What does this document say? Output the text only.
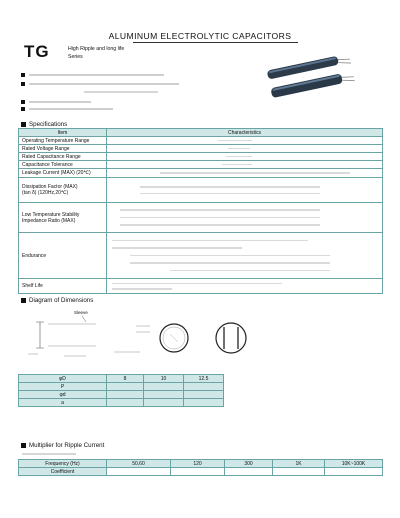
ALUMINUM ELECTROLYTIC CAPACITORS
TG	High Ripple and long life
Series
Specifications
Item	Characteristics
Operating Temperature Range	

Rated Voltage Range	

Rated Capacitance Range	

Capacitance Tolerance	

Leakage Current (MAX) (20℃)	

Dissipation Factor (MAX)
(tan δ) (120Hz,20℃)	

Low Temperature Stability
Impedance Ratio (MAX)	

Endurance	

Shelf Life	
Diagram of Dimensions
Sleeve
φD	8	10	12.5
P			
φd			
a			
Multiplier for Ripple Current
Frequency (Hz)	50,60	120	300	1K	10K~100K
Coefficient					
